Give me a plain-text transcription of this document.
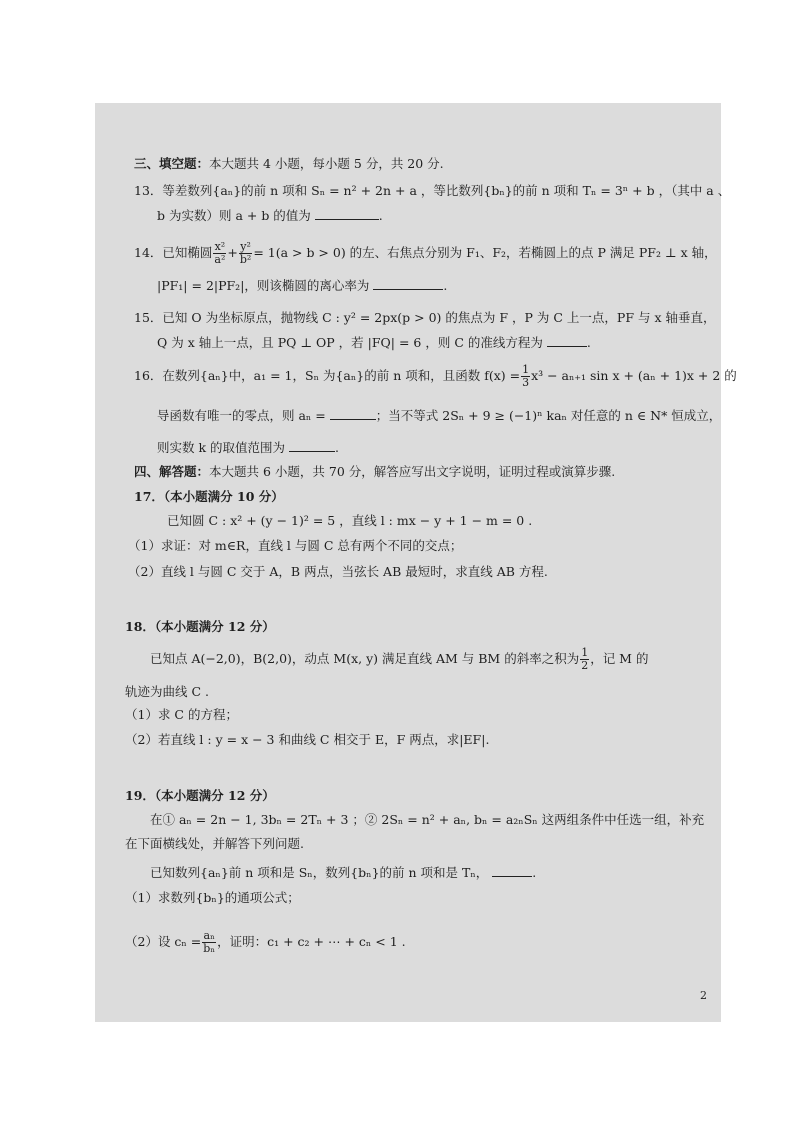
三、填空题：本大题共 4 小题，每小题 5 分，共 20 分.
13．等差数列{aₙ}的前 n 项和 Sₙ = n² + 2n + a ，等比数列{bₙ}的前 n 项和 Tₙ = 3ⁿ + b ，（其中 a 、
b 为实数）则 a + b 的值为	.
14．已知椭圆 $\frac{\text{x²}}{\text{a²}} + \frac{\text{y²}}{\text{b²}} = 1(a > b > 0)$ 的左、右焦点分别为 F₁、F₂，若椭圆上的点 P 满足 PF₂ ⊥ x 轴，
|PF₁| = 2|PF₂|，则该椭圆的离心率为	.
15．已知 O 为坐标原点，抛物线 C : y² = 2px(p > 0) 的焦点为 F ，P 为 C 上一点，PF 与 x 轴垂直，
Q 为 x 轴上一点，且 PQ ⊥ OP ，若 |FQ| = 6 ，则 C 的准线方程为	.
16．在数列{aₙ}中，a₁ = 1，Sₙ 为{aₙ}的前 n 项和，且函数 $f(x) = \frac{1}{3} x^3 - a_{n+1}$ sin x + (aₙ + 1)x + 2 的
导函数有唯一的零点，则 aₙ =	；当不等式 2Sₙ + 9 ≥ (−1)ⁿ kaₙ 对任意的 n ∈ N* 恒成立，
则实数 k 的取值范围为	.
四、解答题：本大题共 6 小题，共 70 分，解答应写出文字说明，证明过程或演算步骤.
17．（本小题满分 10 分）
已知圆 C : x² + (y − 1)² = 5 ，直线 l : mx − y + 1 − m = 0 .
（1）求证：对 m∈R，直线 l 与圆 C 总有两个不同的交点；
（2）直线 l 与圆 C 交于 A，B 两点，当弦长 AB 最短时，求直线 AB 方程.
18．（本小题满分 12 分）
已知点 A(−2,0)，B(2,0)，动点 M(x, y) 满足直线 AM 与 BM 的斜率之积为 $\frac{1}{2}$ ，记 M 的
轨迹为曲线 C .
（1）求 C 的方程；
（2）若直线 l : y = x − 3 和曲线 C 相交于 E，F 两点，求|EF|.
19．（本小题满分 12 分）
在① aₙ = 2n − 1, 3bₙ = 2Tₙ + 3 ；② 2Sₙ = n² + aₙ, bₙ = a₂ₙSₙ 这两组条件中任选一组，补充
在下面横线处，并解答下列问题.
已知数列{aₙ}前 n 项和是 Sₙ，数列{bₙ}的前 n 项和是 Tₙ，	.
（1）求数列{bₙ}的通项公式；
（2）设 $c_n = \frac{\text{aₙ}}{\text{bₙ}}$ ，证明：c₁ + c₂ + ⋯ + cₙ < 1 .
2
